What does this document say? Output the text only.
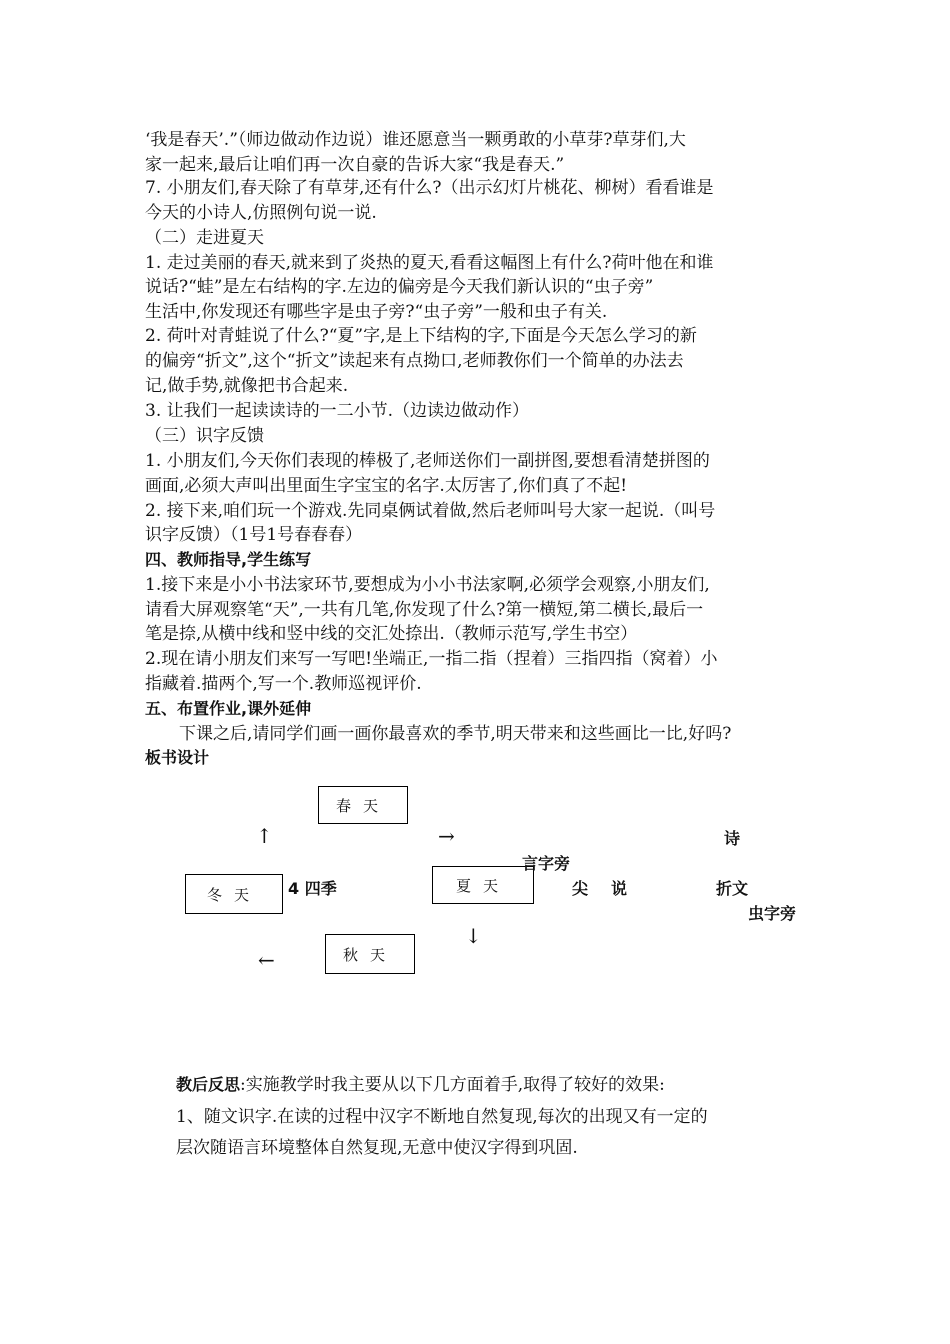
‘我是春天’.”（师边做动作边说）谁还愿意当一颗勇敢的小草芽?草芽们,大
家一起来,最后让咱们再一次自豪的告诉大家“我是春天.”
7. 小朋友们,春天除了有草芽,还有什么?（出示幻灯片桃花、柳树）看看谁是
今天的小诗人,仿照例句说一说.
（二）走进夏天
1. 走过美丽的春天,就来到了炎热的夏天,看看这幅图上有什么?荷叶他在和谁
说话?“蛙”是左右结构的字.左边的偏旁是今天我们新认识的“虫子旁”
生活中,你发现还有哪些字是虫子旁?“虫子旁”一般和虫子有关.
2. 荷叶对青蛙说了什么?“夏”字,是上下结构的字,下面是今天怎么学习的新
的偏旁“折文”,这个“折文”读起来有点拗口,老师教你们一个简单的办法去
记,做手势,就像把书合起来.
3. 让我们一起读读诗的一二小节.（边读边做动作）
（三）识字反馈
1. 小朋友们,今天你们表现的棒极了,老师送你们一副拼图,要想看清楚拼图的
画面,必须大声叫出里面生字宝宝的名字.太厉害了,你们真了不起!
2. 接下来,咱们玩一个游戏.先同桌俩试着做,然后老师叫号大家一起说.（叫号
识字反馈）（1号1号春春春）
四、教师指导,学生练写
1.接下来是小小书法家环节,要想成为小小书法家啊,必须学会观察,小朋友们,
请看大屏观察笔“天”,一共有几笔,你发现了什么?第一横短,第二横长,最后一
笔是捺,从横中线和竖中线的交汇处捺出.（教师示范写,学生书空）
2.现在请小朋友们来写一写吧!坐端正,一指二指（捏着）三指四指（窝着）小
指藏着.描两个,写一个.教师巡视评价.
五、布置作业,课外延伸
　　下课之后,请同学们画一画你最喜欢的季节,明天带来和这些画比一比,好吗?
板书设计
春天
夏天
秋天
冬天
↑	→
↓
←
4 四季
诗
言字旁
尖 说	折文
虫字旁
教后反思:实施教学时我主要从以下几方面着手,取得了较好的效果:
1、随文识字.在读的过程中汉字不断地自然复现,每次的出现又有一定的
层次随语言环境整体自然复现,无意中使汉字得到巩固.
